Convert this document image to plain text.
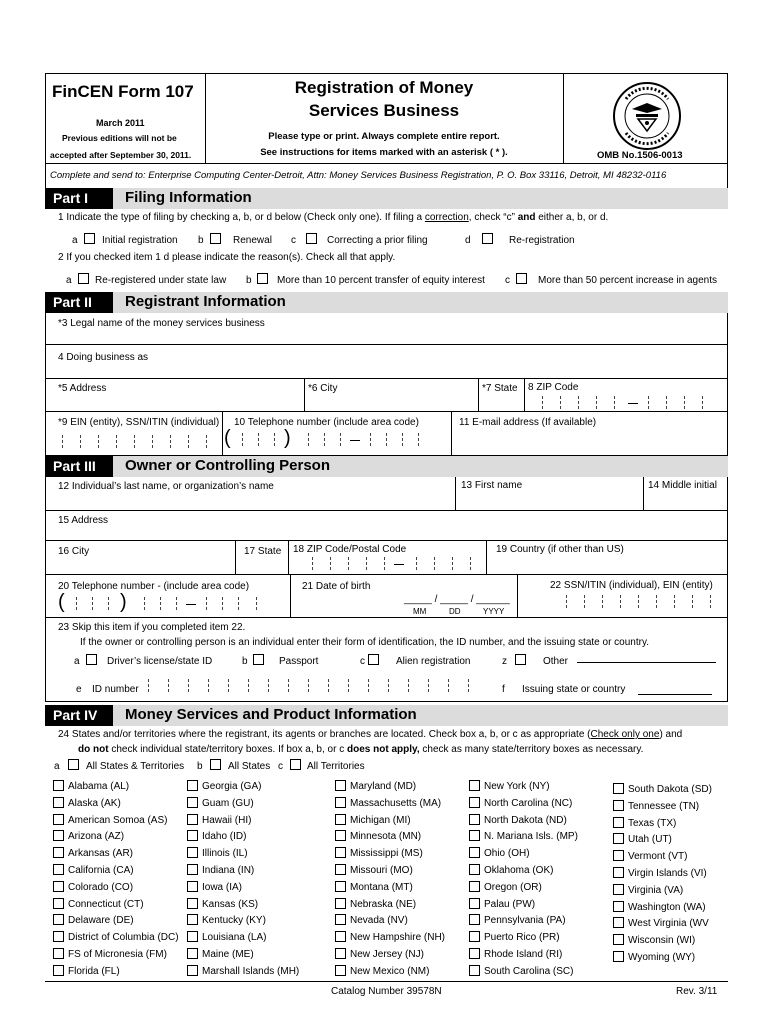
FinCEN Form 107
March 2011
Previous editions will not be
accepted after September 30, 2011.
Registration of Money
Services Business
Please type or print. Always complete entire report.
See instructions for items marked with an asterisk ( * ).	OMB No.1506-0013
Complete and send to: Enterprise Computing Center-Detroit, Attn: Money Services Business Registration, P. O. Box 33116, Detroit, MI 48232-0116
Part I	Filing Information
1 Indicate the type of filing by checking a, b, or d below (Check only one). If filing a correction, check “c” and either a, b, or d.
a Initial registration b	Renewal c	Correcting a prior filing	d	Re-registration
2 If you checked item 1 d please indicate the reason(s). Check all that apply.
a Re-registered under state law b	More than 10 percent transfer of equity interest c	More than 50 percent increase in agents
Part II	Registrant Information
*3 Legal name of the money services business
4 Doing business as
*5 Address	*6 City	*7 State 8 ZIP Code
*9 EIN (entity), SSN/ITIN (individual) 10 Telephone number (include area code)
(	)
11 E-mail address (If available)
Part III	Owner or Controlling Person
12 Individual’s last name, or organization’s name	13 First name	14 Middle initial
15 Address
16 City	17 State 18 ZIP Code/Postal Code	19 Country (if other than US)
20 Telephone number - (include area code)
(	)
21 Date of birth
_____ / _____ / ______
MM	DD	YYYY
22 SSN/ITIN (individual), EIN (entity)
23 Skip this item if you completed item 22.
If the owner or controlling person is an individual enter their form of identification, the ID number, and the issuing state or country.
a	Driver’s license/state ID	b	Passport	c	Alien registration	z	Other
e ID number	f Issuing state or country
Part IV	Money Services and Product Information
24 States and/or territories where the registrant, its agents or branches are located. Check box a, b, or c as appropriate (Check only one) and
do not check individual state/territory boxes. If box a, b, or c does not apply, check as many state/territory boxes as necessary.
a	All States & Territories b	All States c All Territories
Alabama (AL)
Alaska (AK)
American Somoa (AS)
Arizona (AZ)
Arkansas (AR)
California (CA)
Colorado (CO)
Connecticut (CT)
Delaware (DE)
District of Columbia (DC)
FS of Micronesia (FM)
Florida (FL)
Georgia (GA)
Guam (GU)
Hawaii (HI)
Idaho (ID)
Illinois (IL)
Indiana (IN)
Iowa (IA)
Kansas (KS)
Kentucky (KY)
Louisiana (LA)
Maine (ME)
Marshall Islands (MH)
Maryland (MD)
Massachusetts (MA)
Michigan (MI)
Minnesota (MN)
Mississippi (MS)
Missouri (MO)
Montana (MT)
Nebraska (NE)
Nevada (NV)
New Hampshire (NH)
New Jersey (NJ)
New Mexico (NM)
New York (NY)
North Carolina (NC)
North Dakota (ND)
N. Mariana Isls. (MP)
Ohio (OH)
Oklahoma (OK)
Oregon (OR)
Palau (PW)
Pennsylvania (PA)
Puerto Rico (PR)
Rhode Island (RI)
South Carolina (SC)
South Dakota (SD)
Tennessee (TN)
Texas (TX)
Utah (UT)
Vermont (VT)
Virgin Islands (VI)
Virginia (VA)
Washington (WA)
West Virginia (WV
Wisconsin (WI)
Wyoming (WY)
Catalog Number 39578N	Rev. 3/11
